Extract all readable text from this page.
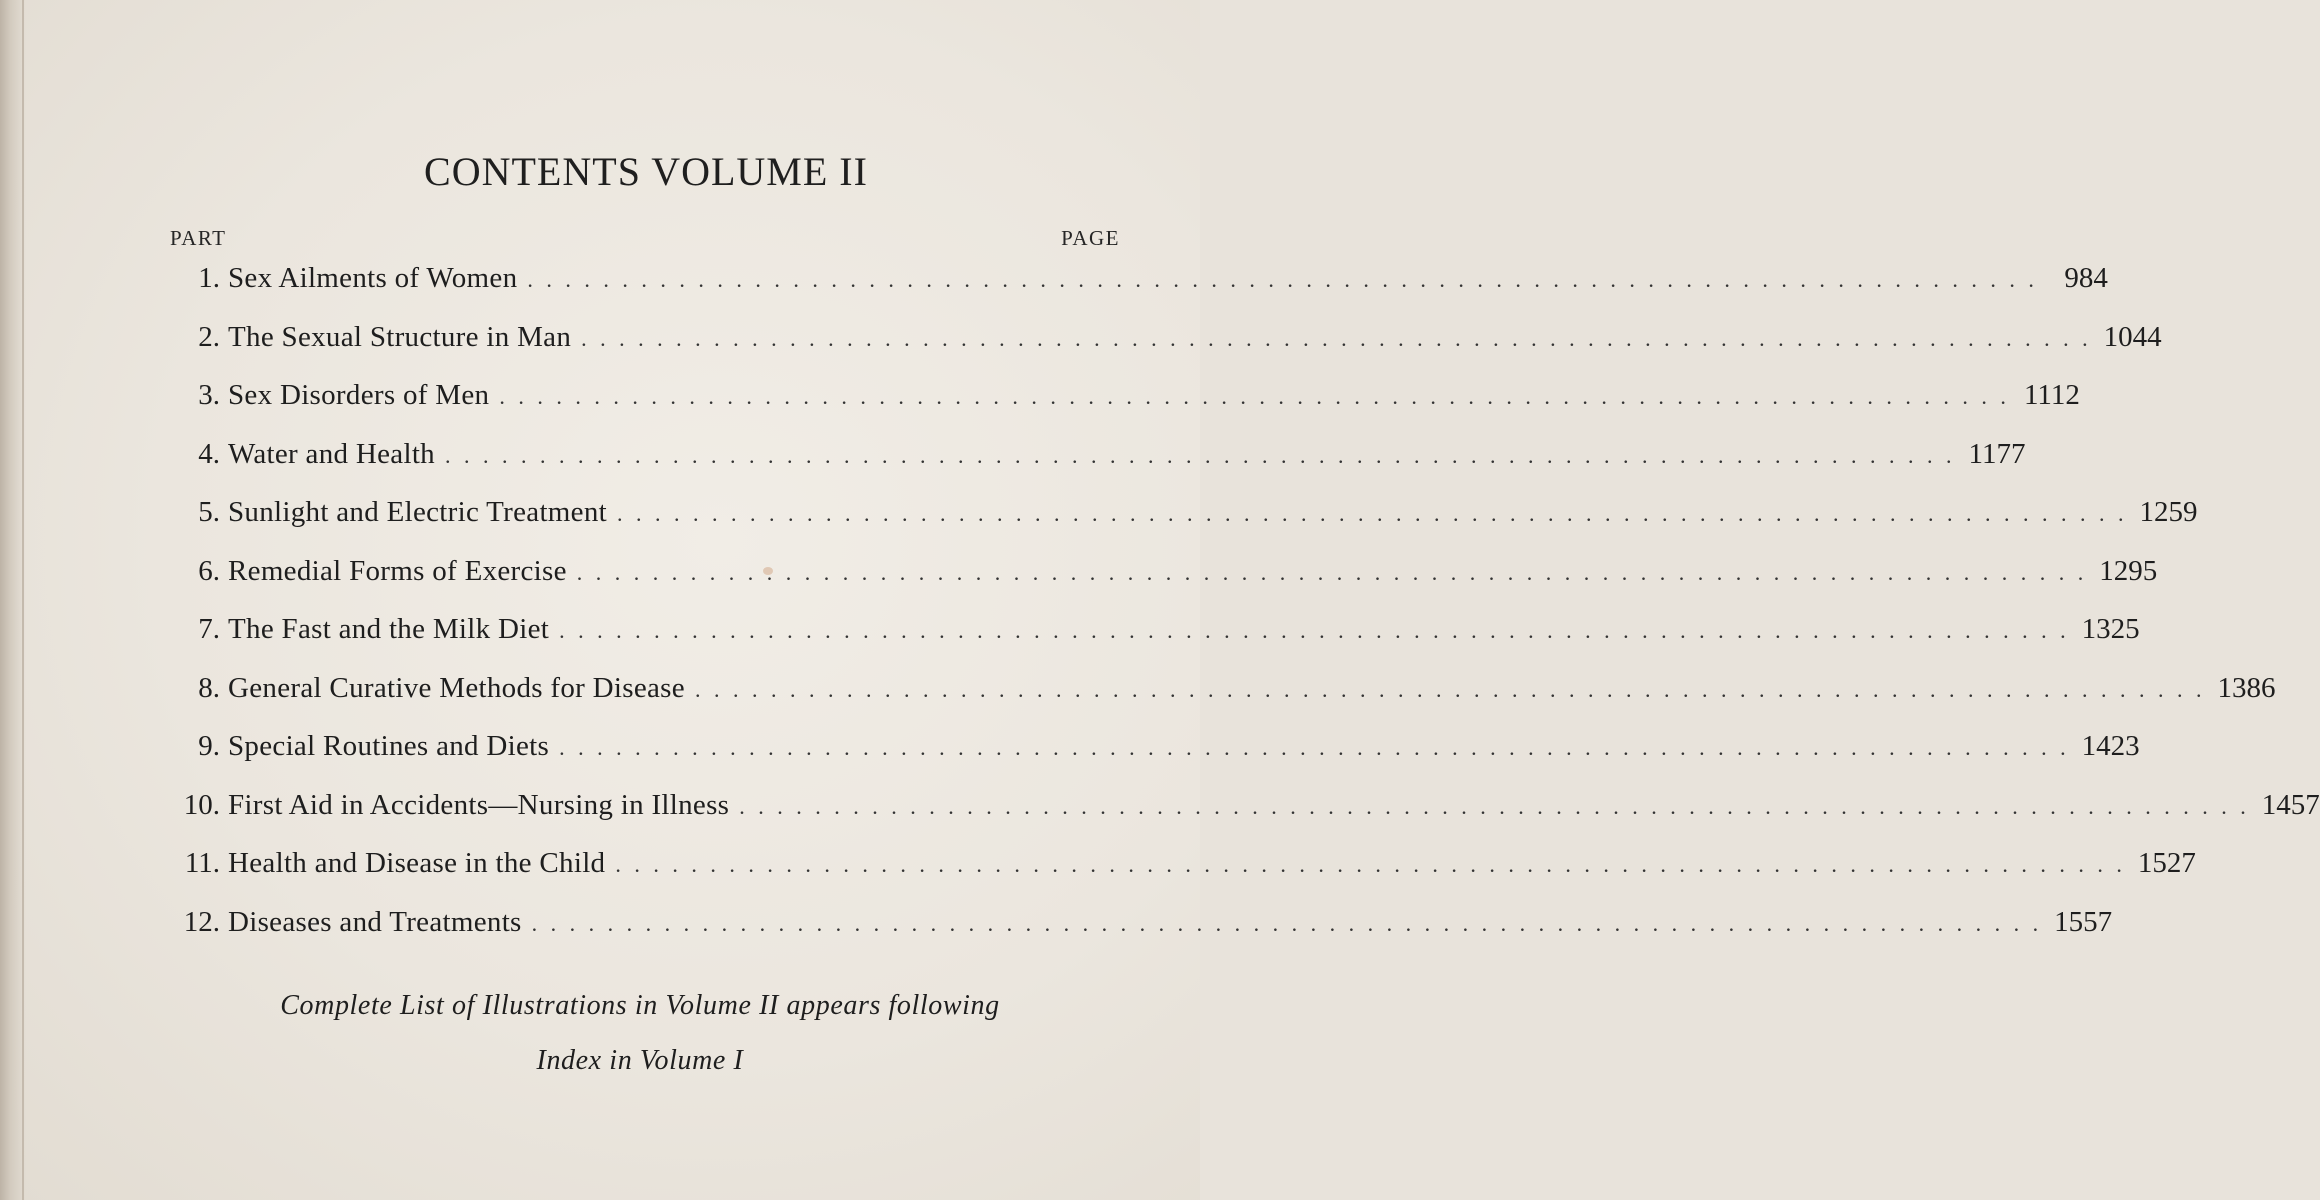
CONTENTS VOLUME II
PART	PAGE
1. Sex Ailments of Women . . . . . . . . . . . . . . . . . . . . . . . . . . . . . . . . . . . . . . . . . . . . . . . . . . . . . . . . . . . . . . . . . . . . . . . . . . . . . . . . 984
2. The Sexual Structure in Man . . . . . . . . . . . . . . . . . . . . . . . . . . . . . . . . . . . . . . . . . . . . . . . . . . . . . . . . . . . . . . . . . . . . . . . . . . . . . . . . 1044
3. Sex Disorders of Men . . . . . . . . . . . . . . . . . . . . . . . . . . . . . . . . . . . . . . . . . . . . . . . . . . . . . . . . . . . . . . . . . . . . . . . . . . . . . . . . 1112
4. Water and Health . . . . . . . . . . . . . . . . . . . . . . . . . . . . . . . . . . . . . . . . . . . . . . . . . . . . . . . . . . . . . . . . . . . . . . . . . . . . . . . . 1177
5. Sunlight and Electric Treatment . . . . . . . . . . . . . . . . . . . . . . . . . . . . . . . . . . . . . . . . . . . . . . . . . . . . . . . . . . . . . . . . . . . . . . . . . . . . . . . . 1259
6. Remedial Forms of Exercise . . . . . . . . . . . . . . . . . . . . . . . . . . . . . . . . . . . . . . . . . . . . . . . . . . . . . . . . . . . . . . . . . . . . . . . . . . . . . . . . 1295
7. The Fast and the Milk Diet . . . . . . . . . . . . . . . . . . . . . . . . . . . . . . . . . . . . . . . . . . . . . . . . . . . . . . . . . . . . . . . . . . . . . . . . . . . . . . . . 1325
8. General Curative Methods for Disease . . . . . . . . . . . . . . . . . . . . . . . . . . . . . . . . . . . . . . . . . . . . . . . . . . . . . . . . . . . . . . . . . . . . . . . . . . . . . . . . 1386
9. Special Routines and Diets . . . . . . . . . . . . . . . . . . . . . . . . . . . . . . . . . . . . . . . . . . . . . . . . . . . . . . . . . . . . . . . . . . . . . . . . . . . . . . . . 1423
10. First Aid in Accidents—Nursing in Illness . . . . . . . . . . . . . . . . . . . . . . . . . . . . . . . . . . . . . . . . . . . . . . . . . . . . . . . . . . . . . . . . . . . . . . . . . . . . . . . . 1457
11. Health and Disease in the Child . . . . . . . . . . . . . . . . . . . . . . . . . . . . . . . . . . . . . . . . . . . . . . . . . . . . . . . . . . . . . . . . . . . . . . . . . . . . . . . . 1527
12. Diseases and Treatments . . . . . . . . . . . . . . . . . . . . . . . . . . . . . . . . . . . . . . . . . . . . . . . . . . . . . . . . . . . . . . . . . . . . . . . . . . . . . . . . 1557
Complete List of Illustrations in Volume II appears following
Index in Volume I
